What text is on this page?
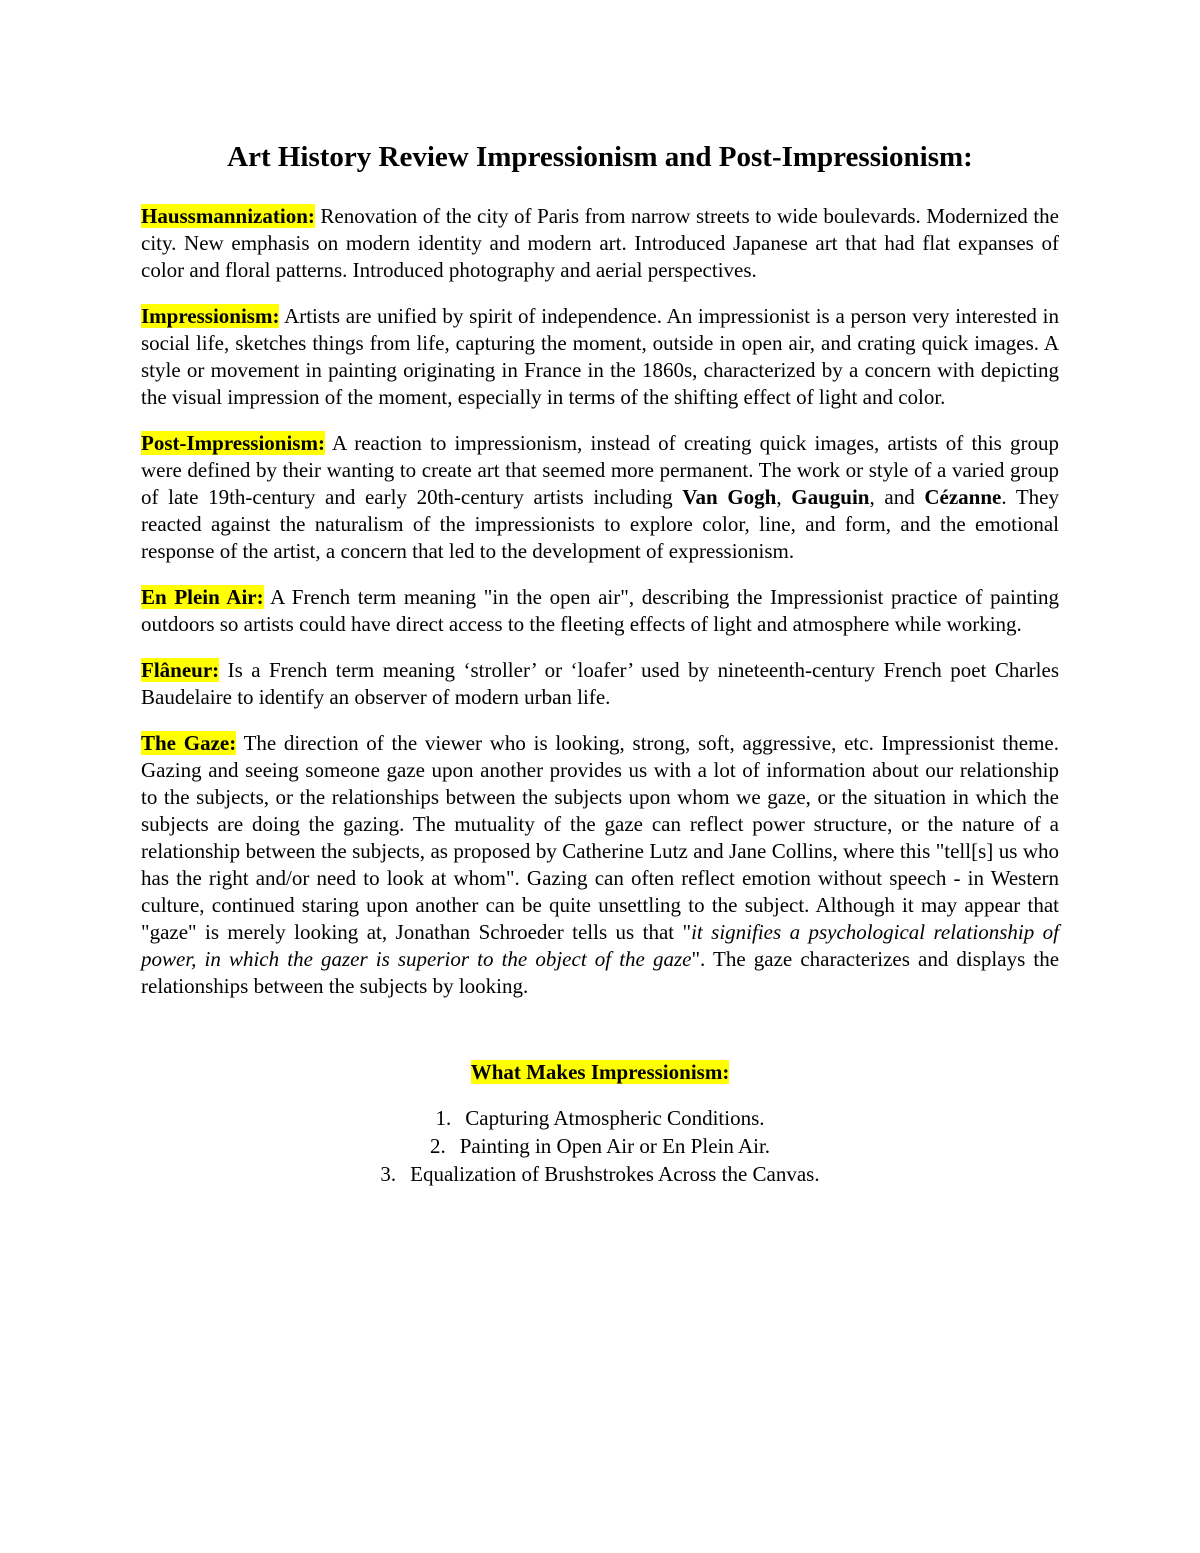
Art History Review Impressionism and Post-Impressionism:

Haussmannization: Renovation of the city of Paris from narrow streets to wide boulevards. Modernized the city. New emphasis on modern identity and modern art. Introduced Japanese art that had flat expanses of color and floral patterns. Introduced photography and aerial perspectives.

Impressionism: Artists are unified by spirit of independence. An impressionist is a person very interested in social life, sketches things from life, capturing the moment, outside in open air, and crating quick images. A style or movement in painting originating in France in the 1860s, characterized by a concern with depicting the visual impression of the moment, especially in terms of the shifting effect of light and color.

Post-Impressionism: A reaction to impressionism, instead of creating quick images, artists of this group were defined by their wanting to create art that seemed more permanent. The work or style of a varied group of late 19th-century and early 20th-century artists including Van Gogh, Gauguin, and Cézanne. They reacted against the naturalism of the impressionists to explore color, line, and form, and the emotional response of the artist, a concern that led to the development of expressionism.

En Plein Air: A French term meaning "in the open air", describing the Impressionist practice of painting outdoors so artists could have direct access to the fleeting effects of light and atmosphere while working.

Flâneur: Is a French term meaning ‘stroller’ or ‘loafer’ used by nineteenth-century French poet Charles Baudelaire to identify an observer of modern urban life.

The Gaze: The direction of the viewer who is looking, strong, soft, aggressive, etc. Impressionist theme. Gazing and seeing someone gaze upon another provides us with a lot of information about our relationship to the subjects, or the relationships between the subjects upon whom we gaze, or the situation in which the subjects are doing the gazing. The mutuality of the gaze can reflect power structure, or the nature of a relationship between the subjects, as proposed by Catherine Lutz and Jane Collins, where this "tell[s] us who has the right and/or need to look at whom". Gazing can often reflect emotion without speech - in Western culture, continued staring upon another can be quite unsettling to the subject. Although it may appear that "gaze" is merely looking at, Jonathan Schroeder tells us that "it signifies a psychological relationship of power, in which the gazer is superior to the object of the gaze". The gaze characterizes and displays the relationships between the subjects by looking.

What Makes Impressionism:
1. Capturing Atmospheric Conditions.
2. Painting in Open Air or En Plein Air.
3. Equalization of Brushstrokes Across the Canvas.
